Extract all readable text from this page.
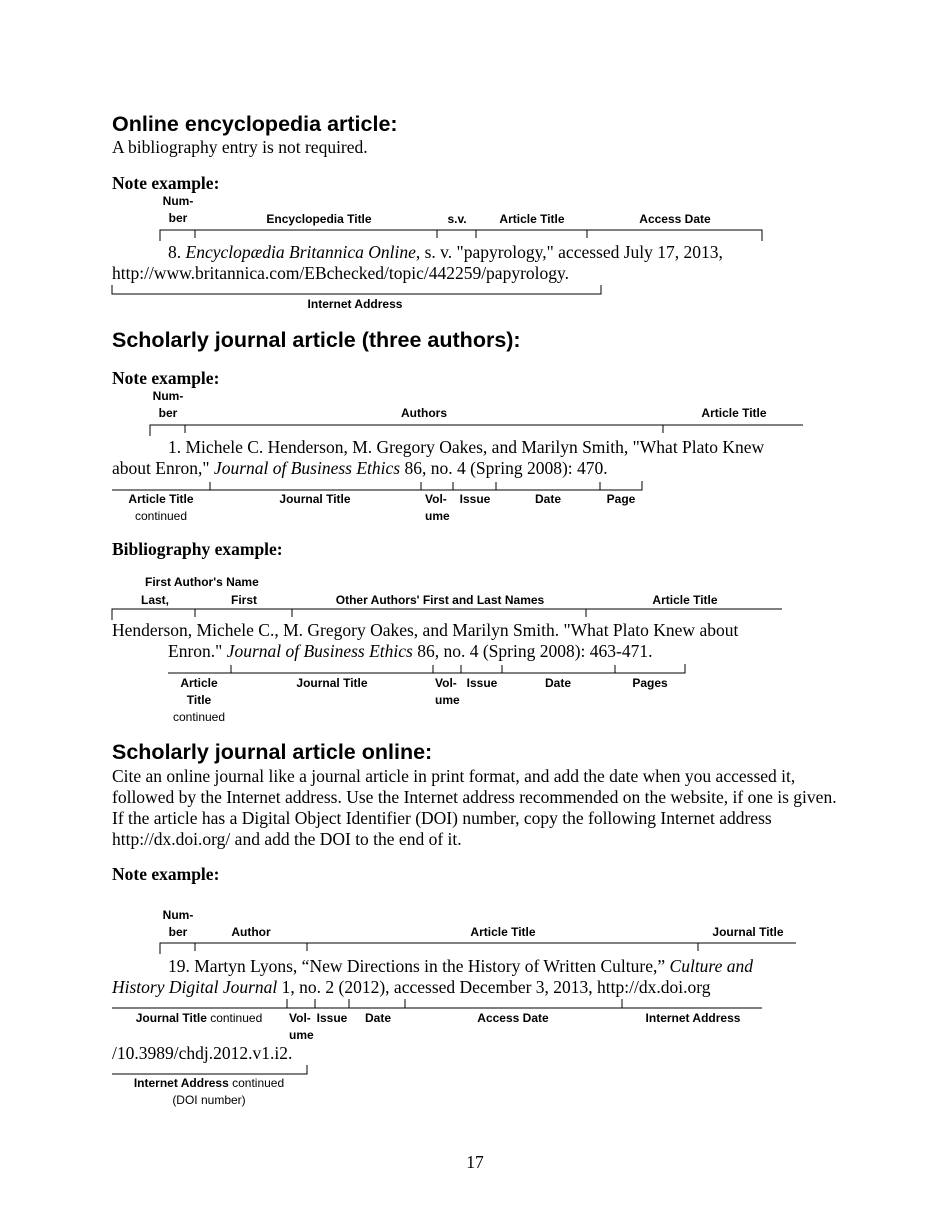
Online encyclopedia article:
A bibliography entry is not required.
Note example:
Num-
ber	Encyclopedia Title	s.v.	Article Title	Access Date
8. Encyclopædia Britannica Online, s. v. "papyrology," accessed July 17, 2013,
http://www.britannica.com/EBchecked/topic/442259/papyrology.
Internet Address
Scholarly journal article (three authors):
Note example:
Num-
ber	Authors	Article Title
1. Michele C. Henderson, M. Gregory Oakes, and Marilyn Smith, "What Plato Knew
about Enron," Journal of Business Ethics 86, no. 4 (Spring 2008): 470.
Article Title
continued
Journal Title	Vol-
ume
Issue	Date	Page
Bibliography example:
First Author's Name
Last,	First	Other Authors' First and Last Names	Article Title
Henderson, Michele C., M. Gregory Oakes, and Marilyn Smith. "What Plato Knew about
Enron." Journal of Business Ethics 86, no. 4 (Spring 2008): 463-471.
Article
Title
continued
Journal Title	Vol-
ume
Issue	Date	Pages
Scholarly journal article online:
Cite an online journal like a journal article in print format, and add the date when you accessed it, followed by the Internet address. Use the Internet address recommended on the website, if one is given. If the article has a Digital Object Identifier (DOI) number, copy the following Internet address http://dx.doi.org/ and add the DOI to the end of it.
Note example:
Num-
ber	Author	Article Title	Journal Title
19. Martyn Lyons, “New Directions in the History of Written Culture,” Culture and
History Digital Journal 1, no. 2 (2012), accessed December 3, 2013, http://dx.doi.org
Journal Title continued	Vol-
ume
Issue	Date	Access Date	Internet Address
/10.3989/chdj.2012.v1.i2.
Internet Address continued
(DOI number)
17
